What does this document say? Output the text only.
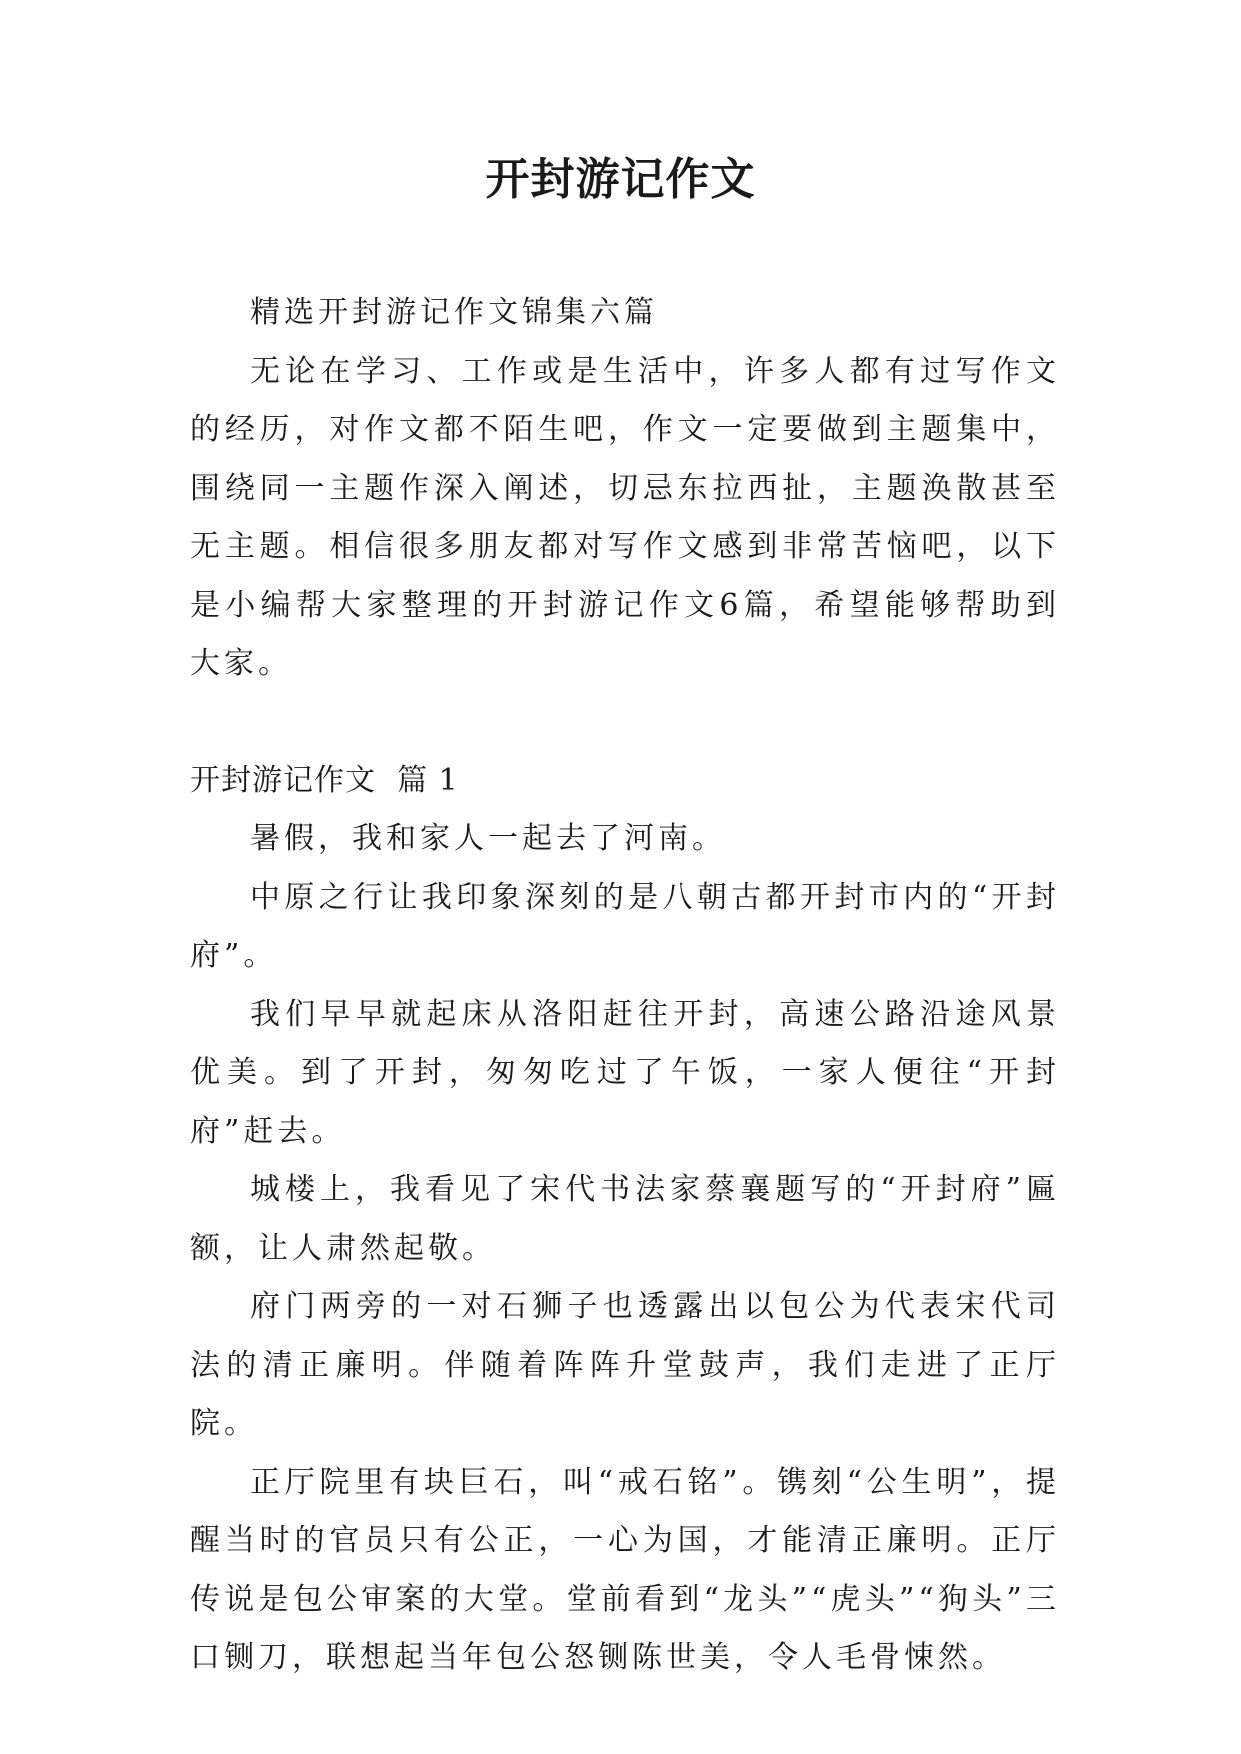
开封游记作文

精选开封游记作文锦集六篇

无论在学习、工作或是生活中，许多人都有过写作文的经历，对作文都不陌生吧，作文一定要做到主题集中，围绕同一主题作深入阐述，切忌东拉西扯，主题涣散甚至无主题。相信很多朋友都对写作文感到非常苦恼吧，以下是小编帮大家整理的开封游记作文6篇，希望能够帮助到大家。

开封游记作文  篇 1

暑假，我和家人一起去了河南。

中原之行让我印象深刻的是八朝古都开封市内的“开封府”。

我们早早就起床从洛阳赶往开封，高速公路沿途风景优美。到了开封，匆匆吃过了午饭，一家人便往“开封府”赶去。

城楼上，我看见了宋代书法家蔡襄题写的“开封府”匾额，让人肃然起敬。

府门两旁的一对石狮子也透露出以包公为代表宋代司法的清正廉明。伴随着阵阵升堂鼓声，我们走进了正厅院。

正厅院里有块巨石，叫“戒石铭”。镌刻“公生明”，提醒当时的官员只有公正，一心为国，才能清正廉明。正厅传说是包公审案的大堂。堂前看到“龙头”“虎头”“狗头”三口铡刀，联想起当年包公怒铡陈世美，令人毛骨悚然。
